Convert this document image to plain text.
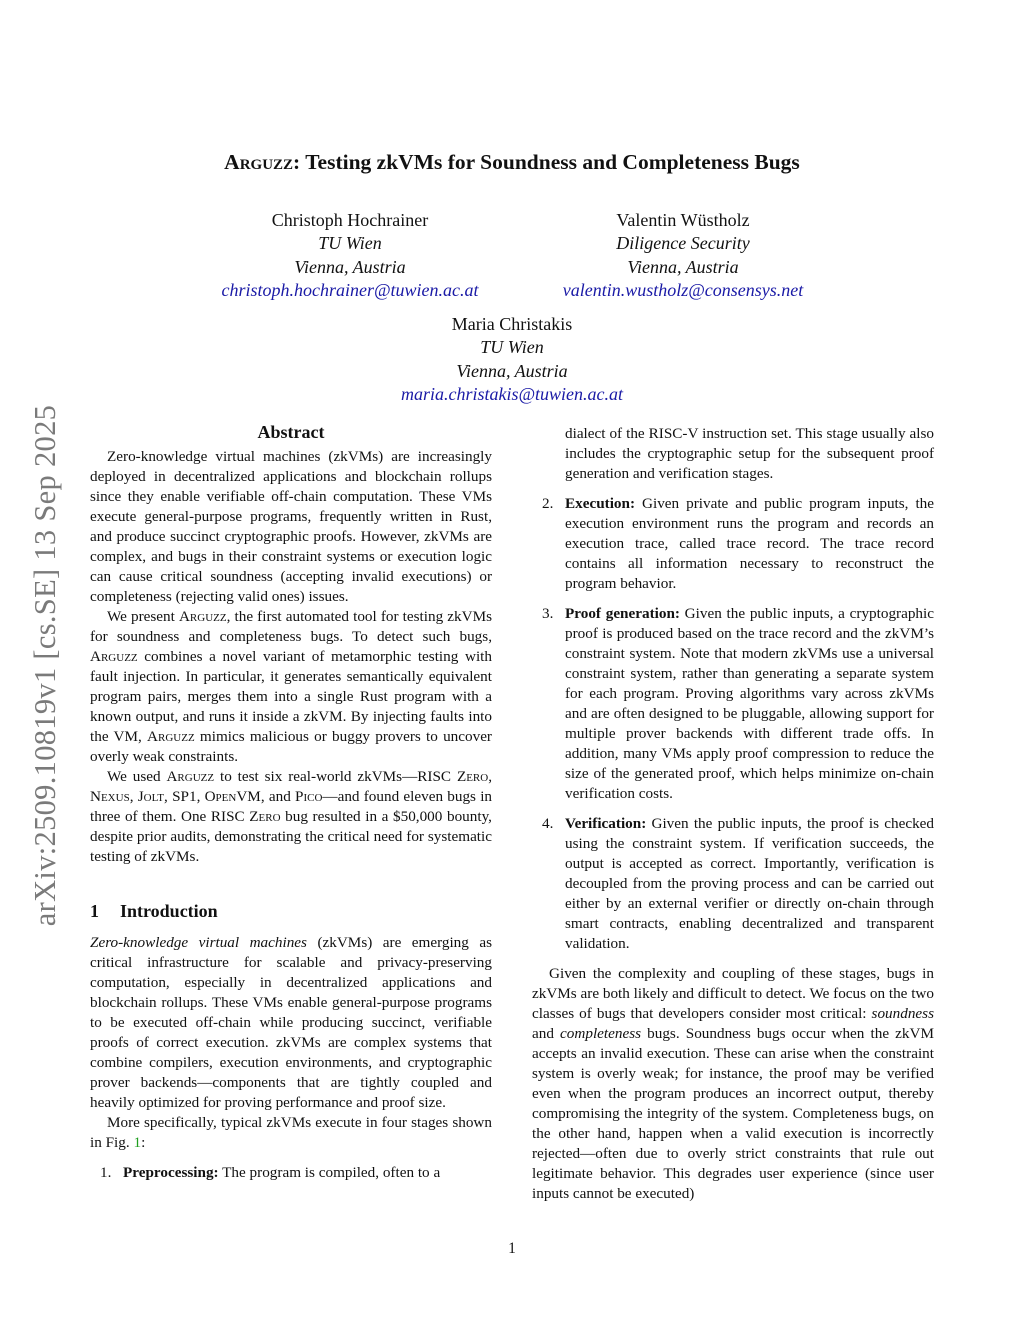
arXiv:2509.10819v1 [cs.SE] 13 Sep 2025
Arguzz: Testing zkVMs for Soundness and Completeness Bugs
Christoph Hochrainer
TU Wien
Vienna, Austria
christoph.hochrainer@tuwien.ac.at
Valentin Wüstholz
Diligence Security
Vienna, Austria
valentin.wustholz@consensys.net
Maria Christakis
TU Wien
Vienna, Austria
maria.christakis@tuwien.ac.at
Abstract

Zero-knowledge virtual machines (zkVMs) are increasingly deployed in decentralized applications and blockchain rollups since they enable verifiable off-chain computation. These VMs execute general-purpose programs, frequently written in Rust, and produce succinct cryptographic proofs. However, zkVMs are complex, and bugs in their constraint systems or execution logic can cause critical soundness (accepting invalid executions) or completeness (rejecting valid ones) issues.

We present Arguzz, the first automated tool for testing zkVMs for soundness and completeness bugs. To detect such bugs, Arguzz combines a novel variant of metamorphic testing with fault injection. In particular, it generates semantically equivalent program pairs, merges them into a single Rust program with a known output, and runs it inside a zkVM. By injecting faults into the VM, Arguzz mimics malicious or buggy provers to uncover overly weak constraints.

We used Arguzz to test six real-world zkVMs—RISC Zero, Nexus, Jolt, SP1, OpenVM, and Pico—and found eleven bugs in three of them. One RISC Zero bug resulted in a $50,000 bounty, despite prior audits, demonstrating the critical need for systematic testing of zkVMs.

1 Introduction

Zero-knowledge virtual machines (zkVMs) are emerging as critical infrastructure for scalable and privacy-preserving computation, especially in decentralized applications and blockchain rollups. These VMs enable general-purpose programs to be executed off-chain while producing succinct, verifiable proofs of correct execution. zkVMs are complex systems that combine compilers, execution environments, and cryptographic prover backends—components that are tightly coupled and heavily optimized for proving performance and proof size.

More specifically, typical zkVMs execute in four stages shown in Fig. 1:

1. Preprocessing: The program is compiled, often to a

dialect of the RISC-V instruction set. This stage usually also includes the cryptographic setup for the subsequent proof generation and verification stages.

2. Execution: Given private and public program inputs, the execution environment runs the program and records an execution trace, called trace record. The trace record contains all information necessary to reconstruct the program behavior.
3. Proof generation: Given the public inputs, a cryptographic proof is produced based on the trace record and the zkVM’s constraint system. Note that modern zkVMs use a universal constraint system, rather than generating a separate system for each program. Proving algorithms vary across zkVMs and are often designed to be pluggable, allowing support for multiple prover backends with different trade offs. In addition, many VMs apply proof compression to reduce the size of the generated proof, which helps minimize on-chain verification costs.
4. Verification: Given the public inputs, the proof is checked using the constraint system. If verification succeeds, the output is accepted as correct. Importantly, verification is decoupled from the proving process and can be carried out either by an external verifier or directly on-chain through smart contracts, enabling decentralized and transparent validation.

Given the complexity and coupling of these stages, bugs in zkVMs are both likely and difficult to detect. We focus on the two classes of bugs that developers consider most critical: soundness and completeness bugs. Soundness bugs occur when the zkVM accepts an invalid execution. These can arise when the constraint system is overly weak; for instance, the proof may be verified even when the program produces an incorrect output, thereby compromising the integrity of the system. Completeness bugs, on the other hand, happen when a valid execution is incorrectly rejected—often due to overly strict constraints that rule out legitimate behavior. This degrades user experience (since user inputs cannot be executed)

1
